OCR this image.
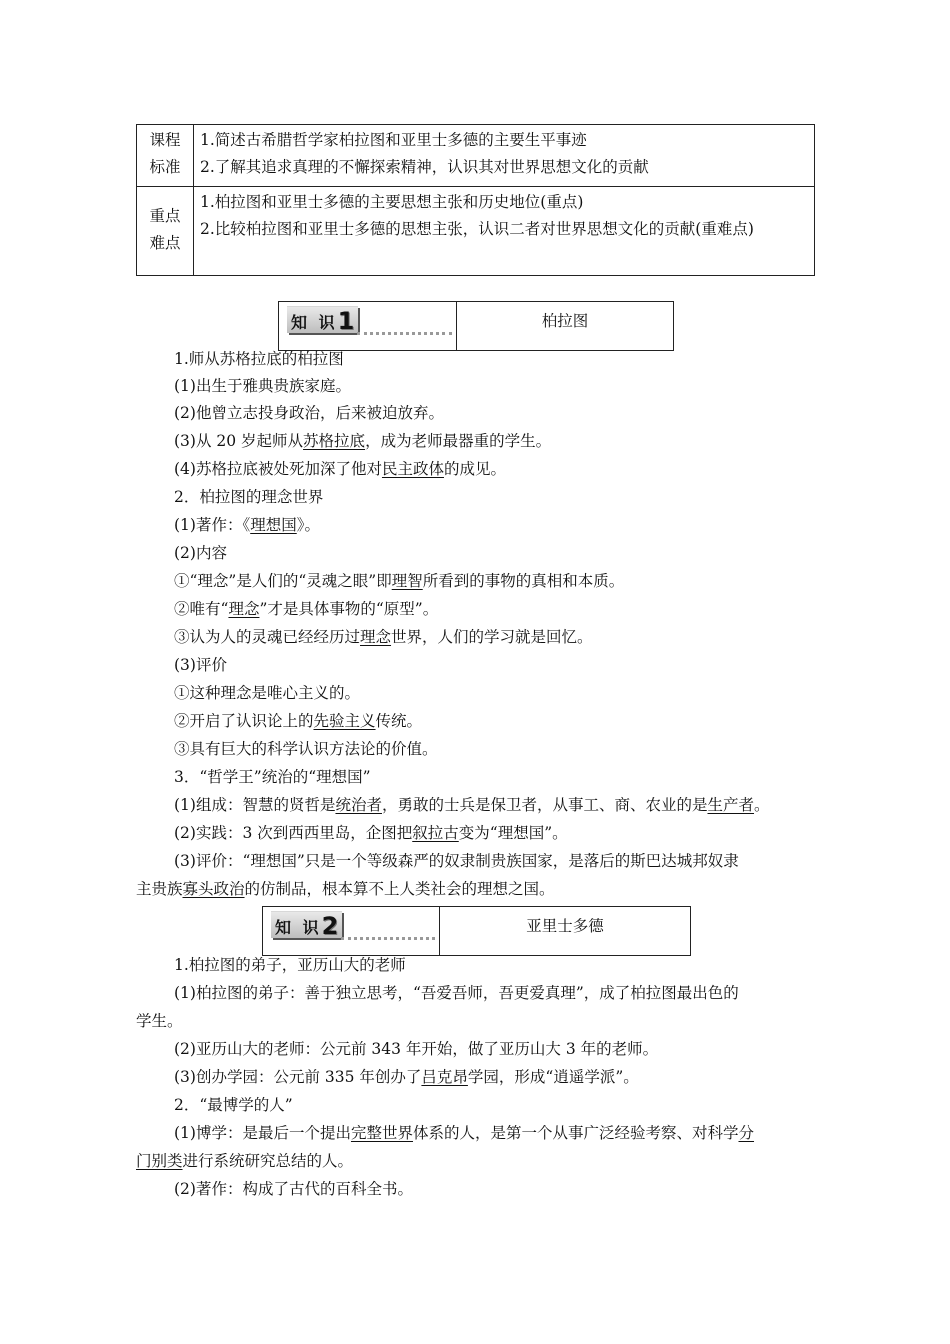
课程
标准	1.简述古希腊哲学家柏拉图和亚里士多德的主要生平事迹
2.了解其追求真理的不懈探索精神，认识其对世界思想文化的贡献

重点
难点	1.柏拉图和亚里士多德的主要思想主张和历史地位(重点)
2.比较柏拉图和亚里士多德的思想主张，认识二者对世界思想文化的贡献(重难点)
知 识1	柏拉图
1.师从苏格拉底的柏拉图
(1)出生于雅典贵族家庭。
(2)他曾立志投身政治，后来被迫放弃。
(3)从 20 岁起师从苏格拉底，成为老师最器重的学生。
(4)苏格拉底被处死加深了他对民主政体的成见。
2．柏拉图的理念世界
(1)著作：《理想国》。
(2)内容
①“理念”是人们的“灵魂之眼”即理智所看到的事物的真相和本质。
②唯有“理念”才是具体事物的“原型”。
③认为人的灵魂已经经历过理念世界，人们的学习就是回忆。
(3)评价
①这种理念是唯心主义的。
②开启了认识论上的先验主义传统。
③具有巨大的科学认识方法论的价值。
3．“哲学王”统治的“理想国”
(1)组成：智慧的贤哲是统治者，勇敢的士兵是保卫者，从事工、商、农业的是生产者。
(2)实践：3 次到西西里岛，企图把叙拉古变为“理想国”。
(3)评价：“理想国”只是一个等级森严的奴隶制贵族国家，是落后的斯巴达城邦奴隶
主贵族寡头政治的仿制品，根本算不上人类社会的理想之国。
知 识2	亚里士多德
1.柏拉图的弟子，亚历山大的老师
(1)柏拉图的弟子：善于独立思考，“吾爱吾师，吾更爱真理”，成了柏拉图最出色的
学生。
(2)亚历山大的老师：公元前 343 年开始，做了亚历山大 3 年的老师。
(3)创办学园：公元前 335 年创办了吕克昂学园，形成“逍遥学派”。
2．“最博学的人”
(1)博学：是最后一个提出完整世界体系的人，是第一个从事广泛经验考察、对科学分
门别类进行系统研究总结的人。
(2)著作：构成了古代的百科全书。
